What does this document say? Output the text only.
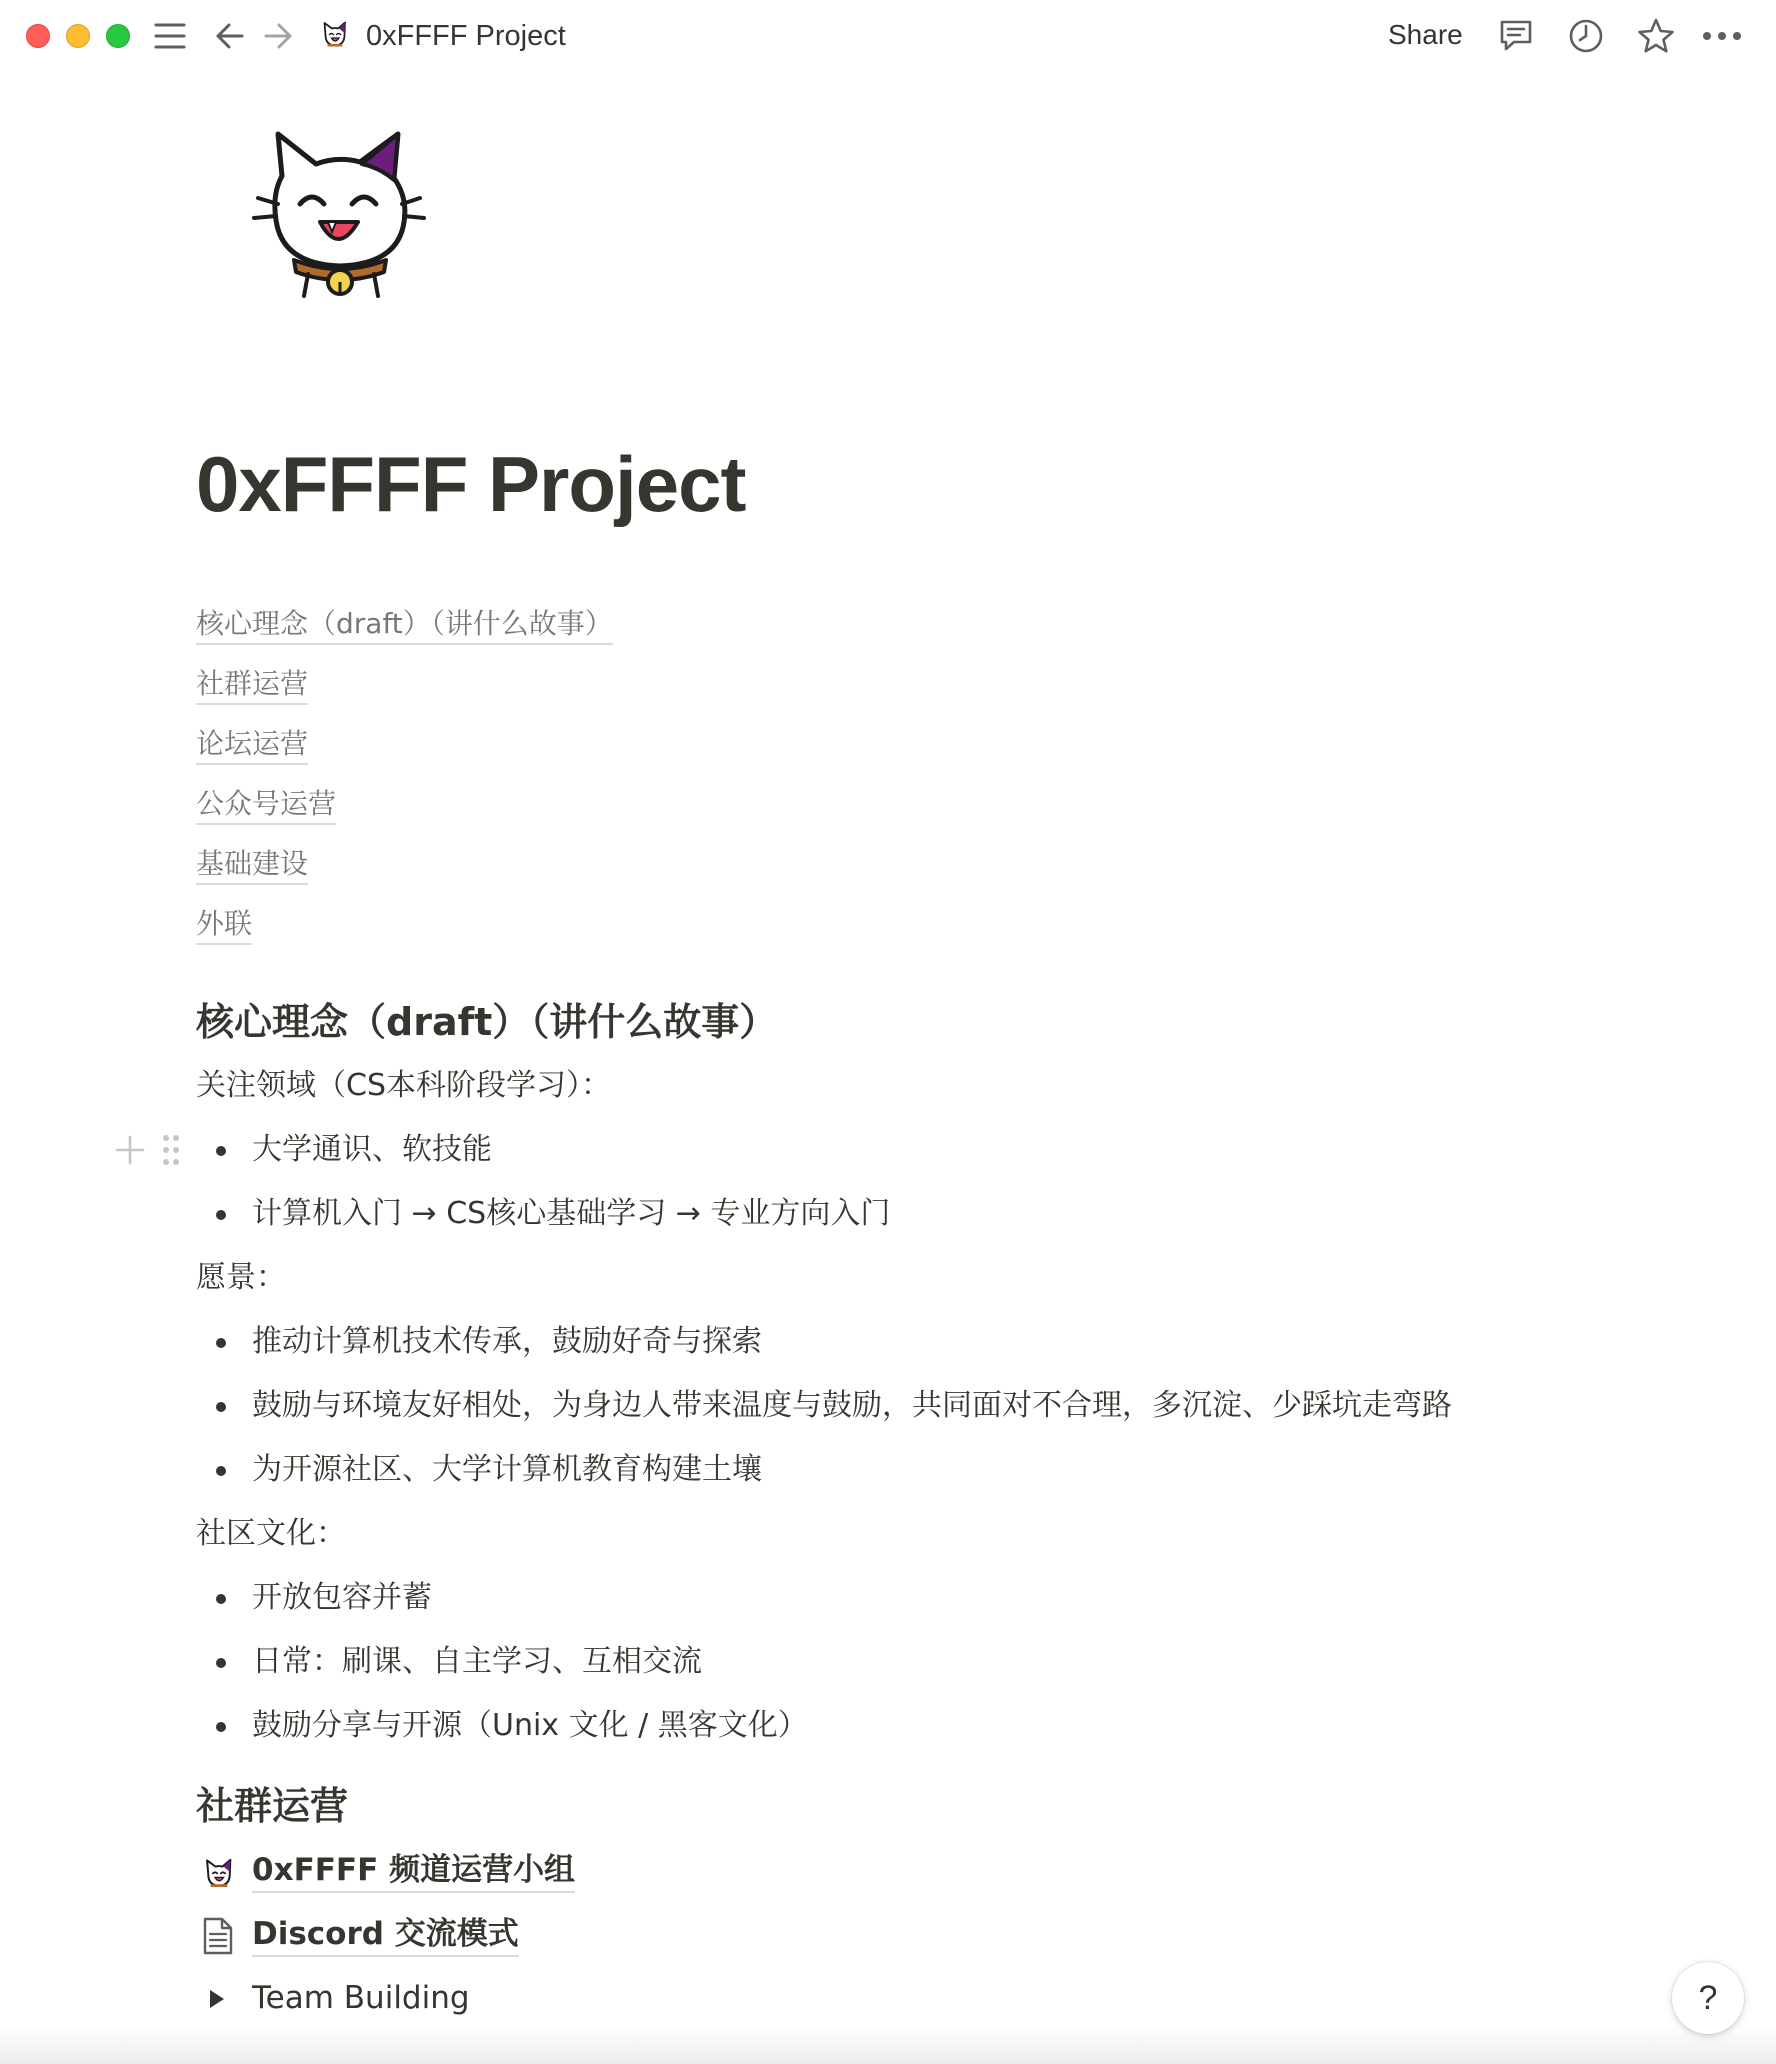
0xFFFF Project	Share
0xFFFF Project
核心理念（draft）（讲什么故事）
社群运营
论坛运营
公众号运营
基础建设
外联
核心理念（draft）（讲什么故事）
关注领域（CS本科阶段学习）：
大学通识、软技能
计算机入门 → CS核心基础学习 → 专业方向入门
愿景：
推动计算机技术传承，鼓励好奇与探索
鼓励与环境友好相处，为身边人带来温度与鼓励，共同面对不合理，多沉淀、少踩坑走弯路
为开源社区、大学计算机教育构建土壤
社区文化：
开放包容并蓄
日常：刷课、自主学习、互相交流
鼓励分享与开源（Unix 文化 / 黑客文化）
社群运营
0xFFFF 频道运营小组
Discord 交流模式
Team Building	?
